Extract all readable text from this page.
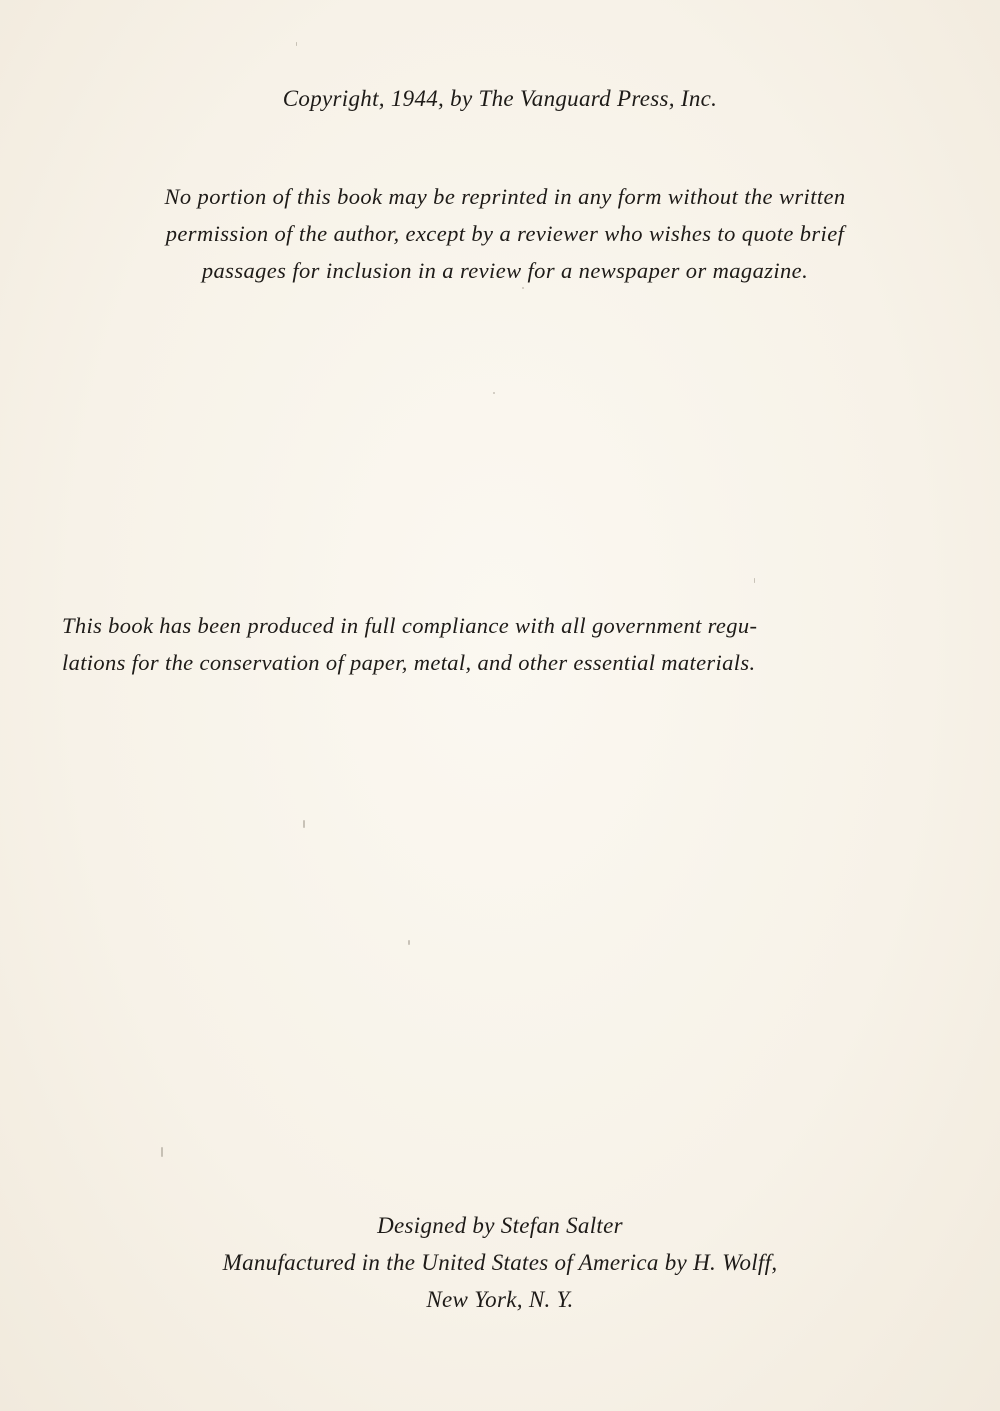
Copyright, 1944, by The Vanguard Press, Inc.
No portion of this book may be reprinted in any form without the written
permission of the author, except by a reviewer who wishes to quote brief
passages for inclusion in a review for a newspaper or magazine.
This book has been produced in full compliance with all government regu-
lations for the conservation of paper, metal, and other essential materials.
Designed by Stefan Salter
Manufactured in the United States of America by H. Wolff,
New York, N. Y.
